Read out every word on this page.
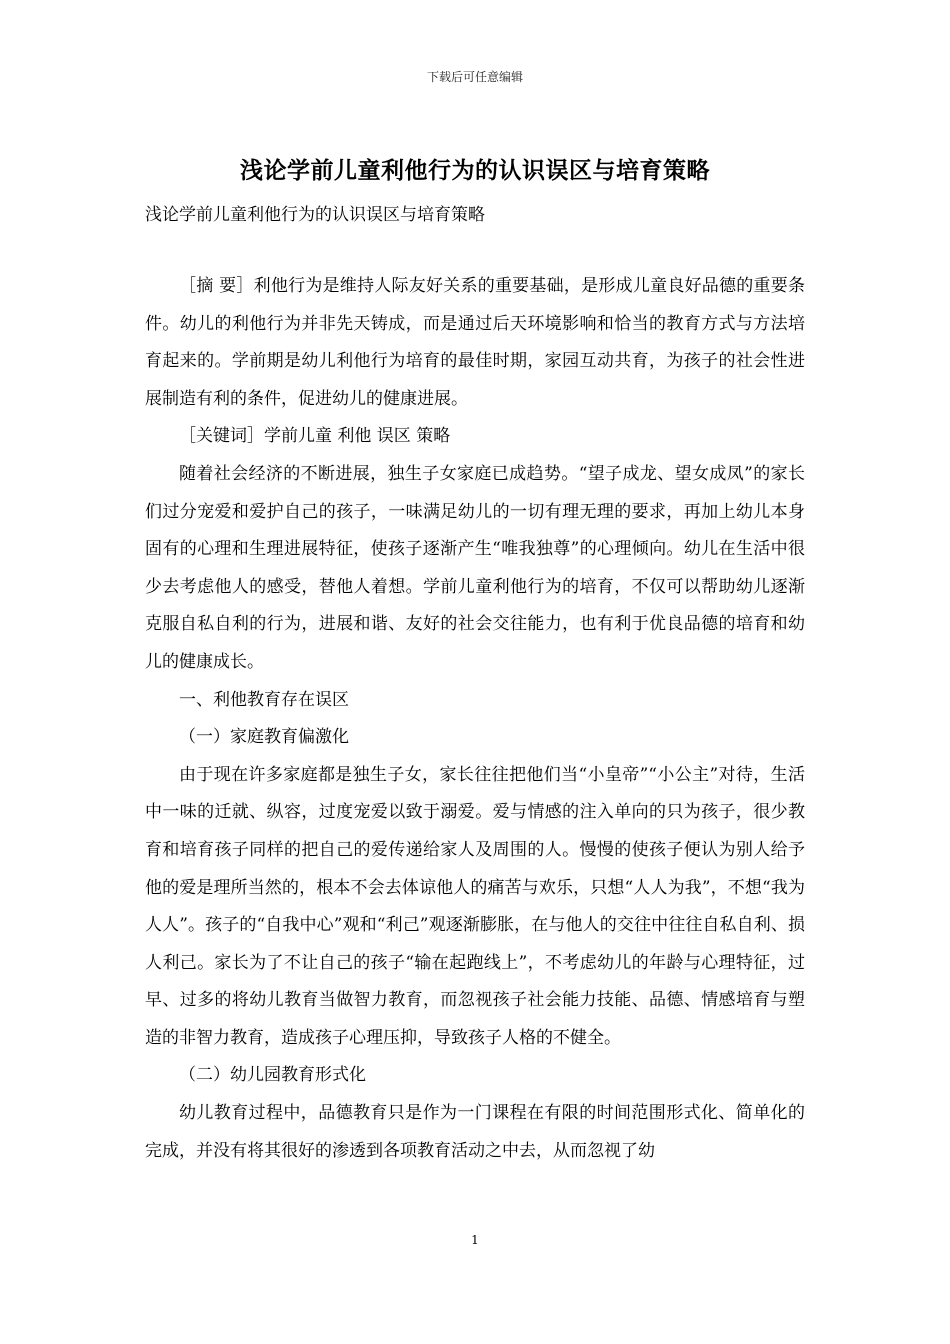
下载后可任意编辑
浅论学前儿童利他行为的认识误区与培育策略
浅论学前儿童利他行为的认识误区与培育策略

［摘 要］利他行为是维持人际友好关系的重要基础，是形成儿童良好品德的重要条件。幼儿的利他行为并非先天铸成，而是通过后天环境影响和恰当的教育方式与方法培育起来的。学前期是幼儿利他行为培育的最佳时期，家园互动共育，为孩子的社会性进展制造有利的条件，促进幼儿的健康进展。

［关键词］学前儿童 利他 误区 策略

随着社会经济的不断进展，独生子女家庭已成趋势。“望子成龙、望女成凤”的家长们过分宠爱和爱护自己的孩子，一味满足幼儿的一切有理无理的要求，再加上幼儿本身固有的心理和生理进展特征，使孩子逐渐产生“唯我独尊”的心理倾向。幼儿在生活中很少去考虑他人的感受，替他人着想。学前儿童利他行为的培育，不仅可以帮助幼儿逐渐克服自私自利的行为，进展和谐、友好的社会交往能力，也有利于优良品德的培育和幼儿的健康成长。

一、利他教育存在误区

（一）家庭教育偏激化

由于现在许多家庭都是独生子女，家长往往把他们当“小皇帝”“小公主”对待，生活中一味的迁就、纵容，过度宠爱以致于溺爱。爱与情感的注入单向的只为孩子，很少教育和培育孩子同样的把自己的爱传递给家人及周围的人。慢慢的使孩子便认为别人给予他的爱是理所当然的，根本不会去体谅他人的痛苦与欢乐，只想“人人为我”，不想“我为人人”。孩子的“自我中心”观和“利己”观逐渐膨胀，在与他人的交往中往往自私自利、损人利己。家长为了不让自己的孩子“输在起跑线上”，不考虑幼儿的年龄与心理特征，过早、过多的将幼儿教育当做智力教育，而忽视孩子社会能力技能、品德、情感培育与塑造的非智力教育，造成孩子心理压抑，导致孩子人格的不健全。

（二）幼儿园教育形式化

幼儿教育过程中，品德教育只是作为一门课程在有限的时间范围形式化、简单化的完成，并没有将其很好的渗透到各项教育活动之中去，从而忽视了幼

1
